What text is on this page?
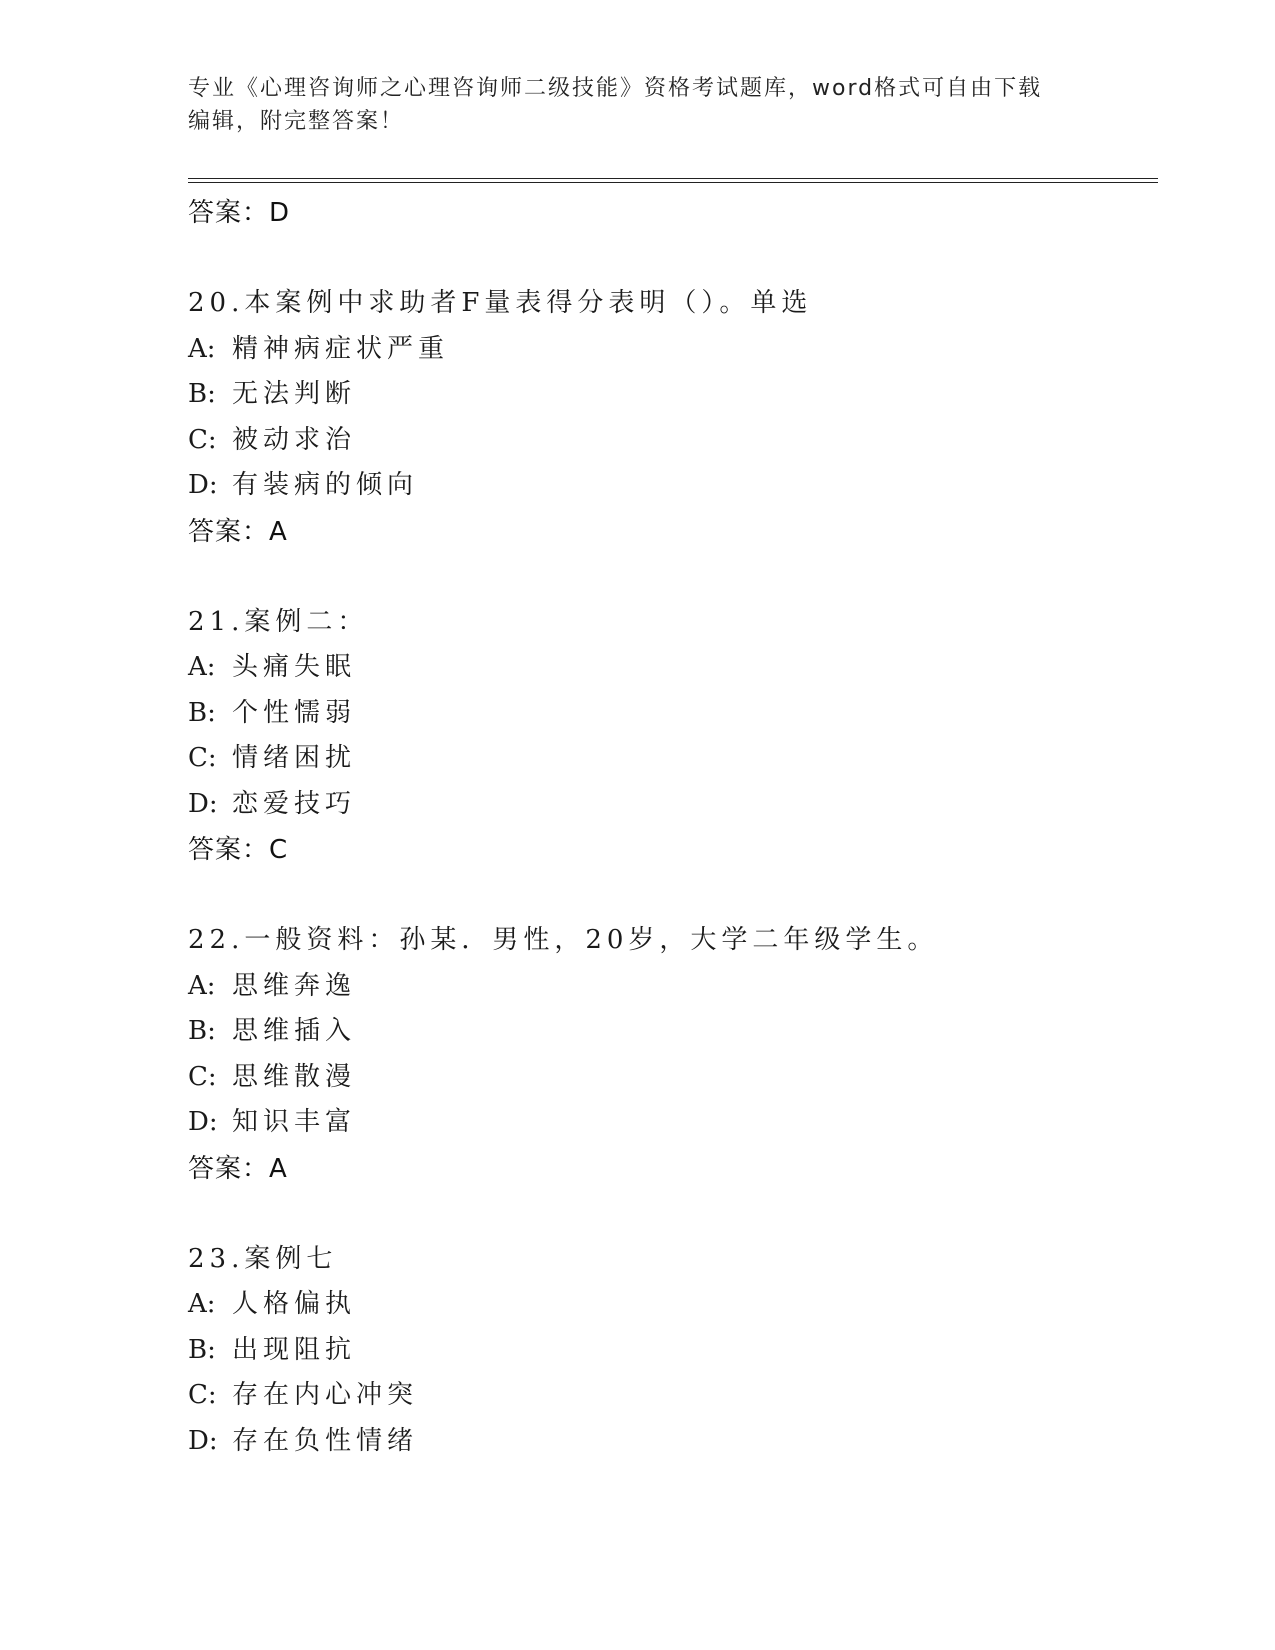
专业《心理咨询师之心理咨询师二级技能》资格考试题库，word格式可自由下载
编辑，附完整答案！
答案：D
20.本案例中求助者F量表得分表明（）。单选
A: 精神病症状严重
B: 无法判断
C: 被动求治
D: 有装病的倾向
答案：A
21.案例二：
A: 头痛失眠
B: 个性懦弱
C: 情绪困扰
D: 恋爱技巧
答案：C
22.一般资料：孙某．男性，20岁，大学二年级学生。
A: 思维奔逸
B: 思维插入
C: 思维散漫
D: 知识丰富
答案：A
23.案例七
A: 人格偏执
B: 出现阻抗
C: 存在内心冲突
D: 存在负性情绪
